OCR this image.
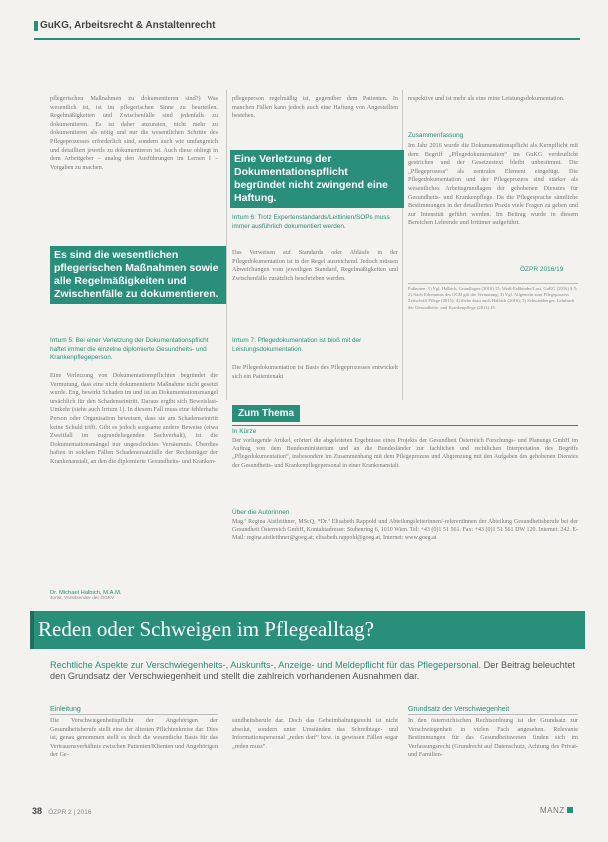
GuKG, Arbeitsrecht & Anstaltenrecht
pflegerischen Maßnahmen zu dokumentieren sind?) Was wesentlich ist, ist im pflegerischen Sinne zu beurteilen. Regelmäßigkeiten und Zwischenfälle sind jedenfalls zu dokumentieren. Es ist daher anzuraten, nicht mehr zu dokumentieren als nötig und nur die wesentlichen Schritte des Pflegeprozesses erforderlich sind, sondern auch wie umfangreich und detailliert jeweils zu dokumentieren ist. Auch diese obliegt in dem Arbeitgeber – analog den Ausführungen im Lernen I – Vorgaben zu machen.
Es sind die wesentlichen pflegerischen Maßnahmen sowie alle Regelmäßigkeiten und Zwischenfälle zu dokumentieren.
Irrtum 5: Bei einer Verletzung der Dokumentationspflicht haftet immer die einzelne diplomierte Gesundheits- und Krankenpflegeperson.
Eine Verletzung von Dokumentationspflichten begründet die Vermutung, dass eine nicht dokumentierte Maßnahme nicht gesetzt wurde. Eng, bewirkt Schaden im und ist an Dokumentationsmangel ursächlich für den Schadenseintritt. Daraus ergibt sich Beweislast-Umkehr (siehe auch Irrtum 1). In diesem Fall muss eine fehlerhafte Person oder Organisation beweisen, dass sie am Schadenseintritt keine Schuld trifft. Gibt es jedoch sorgsame andere Beweise (etwa Zweitfall im zugrundeliegenden Sachverhalt), ist die Dokumentationsmängel nur ungeschicktes Versäumnis. Überdies haften in solchen Fällen Schadenersatzfälle der Rechtsträger der Krankenanstalt, an den die diplomierte Gesundheits- und Kranken-
Dr. Michael Halbich, M.A.M.
Jurist, Vorsitzender der ÖGKV
pflegeperson regelmäßig ist, gegenüber dem Patienten. In manchen Fällen kann jedoch auch eine Haftung von Angestellten bestehen.
Eine Verletzung der Dokumentationspflicht begründet nicht zwingend eine Haftung.
Irrtum 6: Trotz Expertenstandards/Leitlinien/SOPs muss immer ausführlich dokumentiert werden.
Das Verweisen auf Standards oder Abläufe in der Pflegedokumentation ist in der Regel ausreichend. Jedoch müssen Abweichungen vom jeweiligen Standard, Regelmäßigkeiten und Zwischenfälle zusätzlich beschrieben werden.
Irrtum 7: Pflegedokumentation ist bloß mit der Leistungsdokumentation.
Die Pflegedokumentation ist Basis des Pflegeprozesses entwickelt sich ein Patientenakt
respektive und ist mehr als eine reine Leistungsdokumentation.
Zusammenfassung
Im Jahr 2016 wurde die Dokumentationspflicht als Kernpflicht mit dem Begriff „Pflegedokumentation“ im GuKG verdeutlicht gestrichen und der Gesetzestext bleibt unbestimmt. Die „Pflegeprozess“ als zentrales Element eingefügt. Die Pflegedokumentation und der Pflegeprozess sind stärker als wesentliches Arbeitsgrundlagen der gehobenen Dienstes für Gesundheits- und Krankenpflege. Da die Pflegesprache sämtliche Bestimmungen in der detaillierten Praxis viele Fragen zu geben und zur Intensität geführt werden. Im Beitrag wurde in diesem Bereichen Lehrende und Irrtümer aufgeführt.
ÖZPR 2016/19
Fußnoten: 1) Vgl. Halbich, Grundlagen (2016) 15; Weiß-Faßbinder/Lust, GuKG (2016) § 5; 2) Nach Erkenntnis des OGH gilt die Vermutung; 3) Vgl. Allgemein zum Pflegeprozess Zeitschrift Pflege (2015); 4) Siehe dazu auch Halbich (2016); 5) Schwamberger, Lehrbuch der Gesundheits- und Krankenpflege (2013) 45.
Zum Thema
In Kürze
Der vorliegende Artikel, erörtert die abgeleiteten Ergebnisse eines Projekts der Gesundheit Österreich Forschungs- und Planungs GmbH im Auftrag von dem Bundesministerium und an die Bundesländer zur fachlichen und rechtlichen Interpretation des Begriffs „Pflegedokumentation“, insbesondere im Zusammenhang mit dem Pflegeprozess und Abgrenzung mit den Aufgaben des gehobenen Dienstes der Gesundheits- und Krankenpflegepersonal in einer Krankenanstalt.
Über die Autorinnen
Mag.ª Regina Aistleithner, MScQ, *Dr.ª Elisabeth Rappold und Abteilungsleiterinnen/-referentinnen der Abteilung Gesundheitsberufe bei der Gesundheit Österreich GmbH, Kontaktadresse: Stubenring 6, 1010 Wien. Tel: +43 (0)1 51 561. Fax: +43 (0)1 51 561 DW 120. Internet: 242. E-Mail: regina.aistleithner@goeg.at; elisabeth.rappold@goeg.at, Internet: www.goeg.at
Reden oder Schweigen im Pflegealltag?
Rechtliche Aspekte zur Verschwiegenheits-, Auskunfts-, Anzeige- und Meldepflicht für das Pflegepersonal. Der Beitrag beleuchtet den Grundsatz der Verschwiegenheit und stellt die zahlreich vorhandenen Ausnahmen dar.
Einleitung
Die Verschwiegenheitspflicht der Angehörigen der Gesundheitsberufe stellt eine der ältesten Pflichtenkreise dar. Dies ist, genau genommen stellt es doch die wesentliche Basis für das Vertrauensverhältnis zwischen Patienten/Klienten und Angehörigen der Ge-
sundheitsberufe dar. Doch das Geheimhaltungsrecht ist nicht absolut, sondern unter Umständen das Schreibtage- und Informationspersonal „reden darf“ bzw. in gewissen Fällen sogar „reden muss“.
Grundsatz der Verschwiegenheit
In den österreichischen Rechtsordnung ist der Grundsatz zur Verschwiegenheit in vielen Fach angesehen. Relevante Bestimmungen für das Gesundheitswesen finden sich im Verfassungsrecht (Grundrecht auf Datenschutz, Achtung des Privat- und Familien-
38 ÖZPR 2 | 2016	MANZ
